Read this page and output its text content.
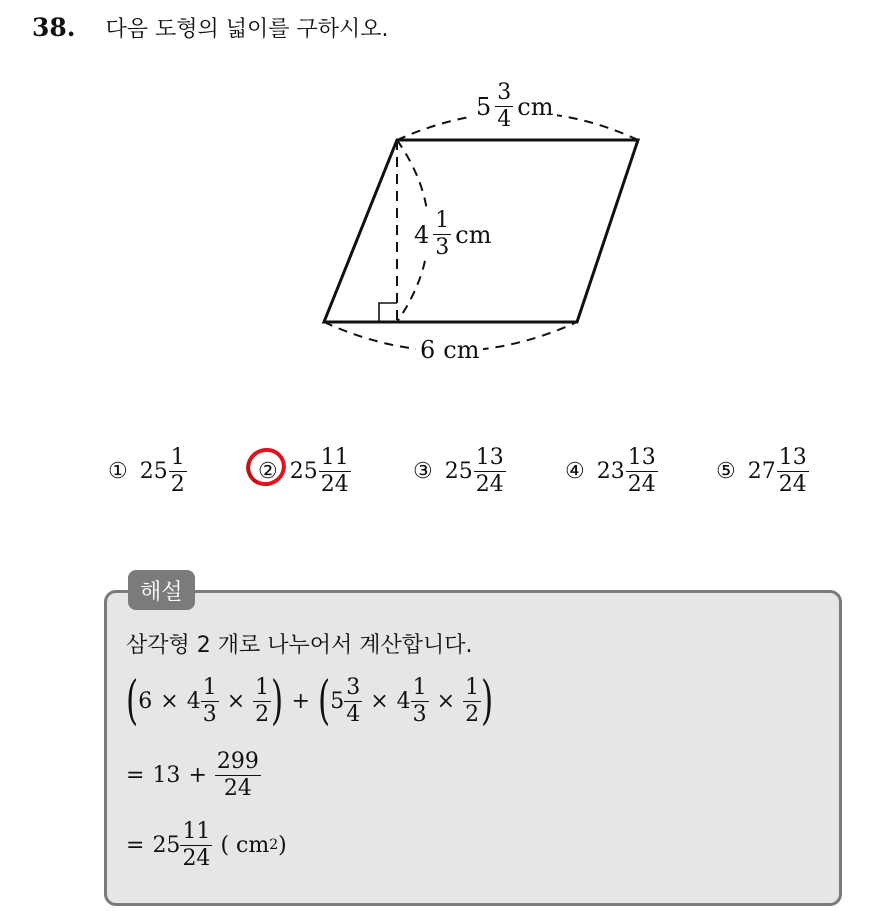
38. 다음 도형의 넓이를 구하시오.
$5 \frac{3}{4}$ cm
$4 \frac{1}{3}$ cm
6 cm
① $25 \frac{1}{2}$	② $25 \frac{11}{24}$	③ $25 \frac{13}{24}$	④ $23 \frac{13}{24}$	⑤ $27 \frac{13}{24}$
해설
삼각형 2 개로 나누어서 계산합니다.
( $6 \times 4 \frac{1}{3} \times \frac{1}{2}$ ) + ( $5 \frac{3}{4} \times 4 \frac{1}{3} \times \frac{1}{2}$ )
= $13 + \frac{299}{24}$
= $25 \frac{11}{24}$ ( cm 2 )
